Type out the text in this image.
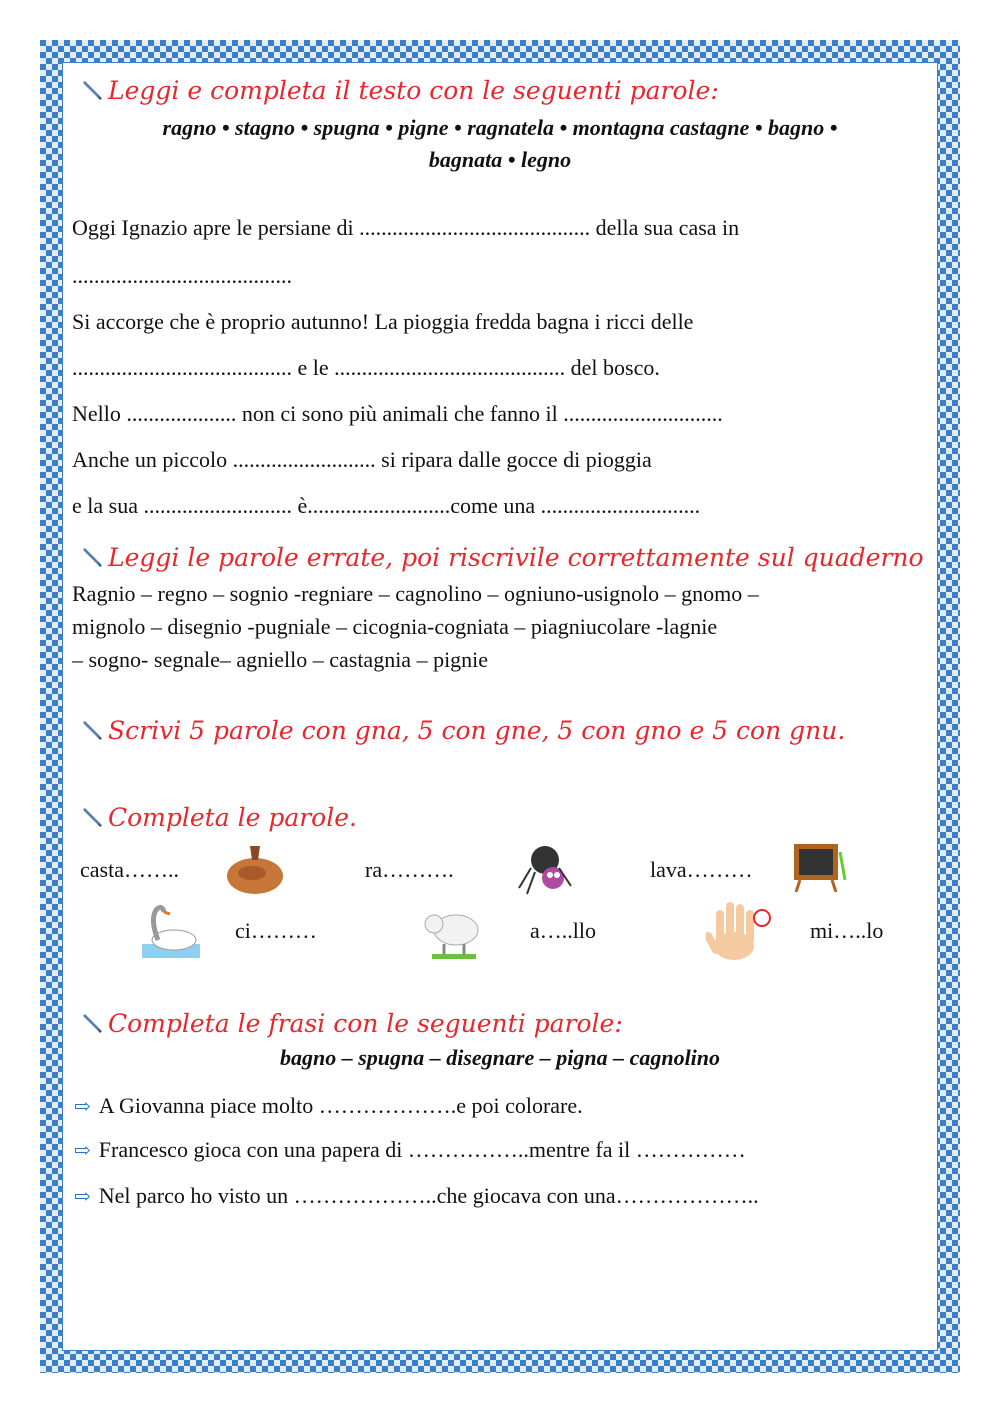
Leggi e completa il testo con le seguenti parole:
ragno • stagno • spugna • pigne • ragnatela • montagna castagne • bagno •
bagnata • legno
Oggi Ignazio apre le persiane di .......................................... della sua casa in
........................................
Si accorge che è proprio autunno! La pioggia fredda bagna i ricci delle
........................................ e le .......................................... del bosco.
Nello .................... non ci sono più animali che fanno il .............................
Anche un piccolo .......................... si ripara dalle gocce di pioggia
e la sua ........................... è..........................come una .............................
Leggi le parole errate, poi riscrivile correttamente sul quaderno
Ragnio – regno – sognio -regniare – cagnolino – ogniuno-usignolo – gnomo –
mignolo – disegnio -pugniale – cicognia-cogniata – piagniucolare -lagnie
– sogno- segnale– agniello – castagnia – pignie
Scrivi 5 parole con gna, 5 con gne, 5 con gno e 5 con gnu.
Completa le parole.
casta……..	ra……….	lava………
ci………	a…..llo	mi…..lo
Completa le frasi con le seguenti parole:
bagno – spugna – disegnare – pigna – cagnolino
⇨ A Giovanna piace molto ……………….e poi colorare.
⇨ Francesco gioca con una papera di ……………..mentre fa il ……………
⇨ Nel parco ho visto un ………………..che giocava con una………………..
